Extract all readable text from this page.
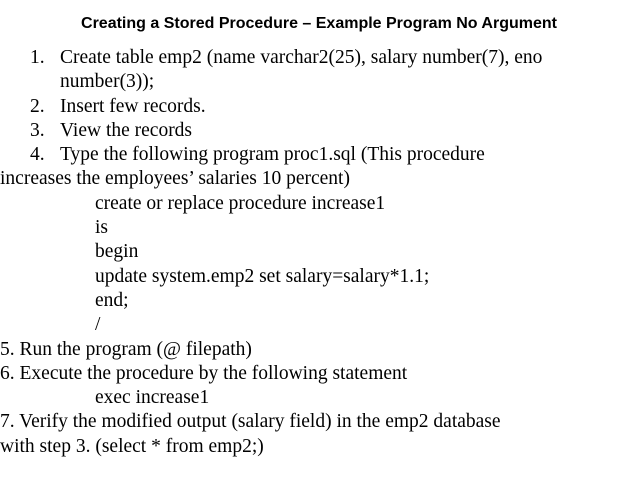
Creating a Stored Procedure – Example Program No Argument
1. Create table emp2 (name varchar2(25), salary number(7), eno
number(3));
2. Insert few records.
3. View the records
4. Type the following program proc1.sql (This procedure
increases the employees’ salaries 10 percent)
create or replace procedure increase1
is
begin
update system.emp2 set salary=salary*1.1;
end;
/
5. Run the program (@ filepath)
6. Execute the procedure by the following statement
exec increase1
7. Verify the modified output (salary field) in the emp2 database
with step 3. (select * from emp2;)
